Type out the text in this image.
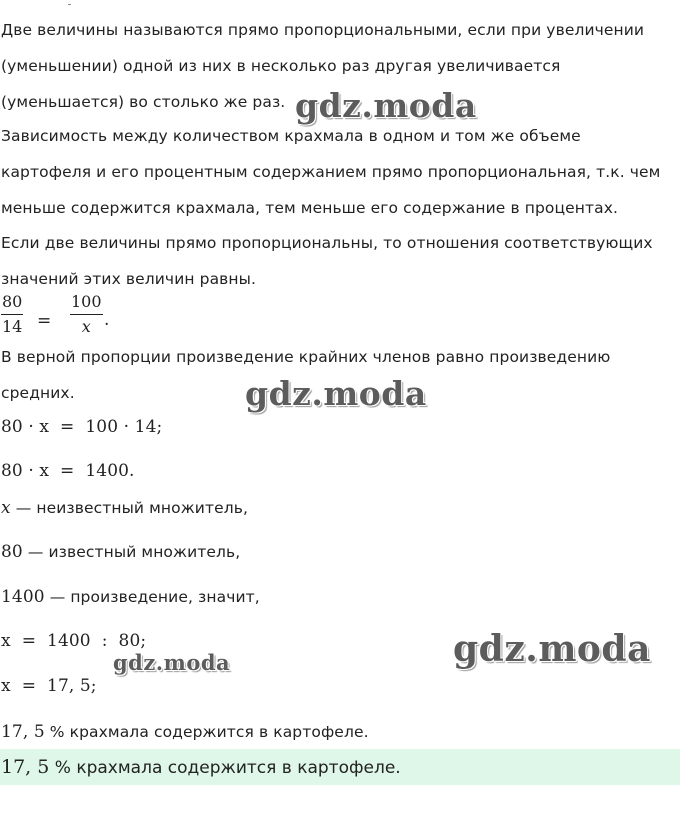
Две величины называются прямо пропорциональными, если при увеличении
(уменьшении) одной из них в несколько раз другая увеличивается
(уменьшается) во столько же раз.
Зависимость между количеством крахмала в одном и том же объеме
картофеля и его процентным содержанием прямо пропорциональная, т.к. чем
меньше содержится крахмала, тем меньше его содержание в процентах.
Если две величины прямо пропорциональны, то отношения соответствующих
значений этих величин равны.
$\frac{80}{14} = \frac{100}{x}$ .
В верной пропорции произведение крайних членов равно произведению
средних.
80 · x  =  100 · 14;
80 · x  =  1400.
x — неизвестный множитель,
80 — известный множитель,
1400 — произведение, значит,
x  =  1400  :  80;
x  =  17, 5;
17, 5 % крахмала содержится в картофеле.
17, 5 % крахмала содержится в картофеле.
gdz.moda
gdz.moda
gdz.moda
gdz.moda
